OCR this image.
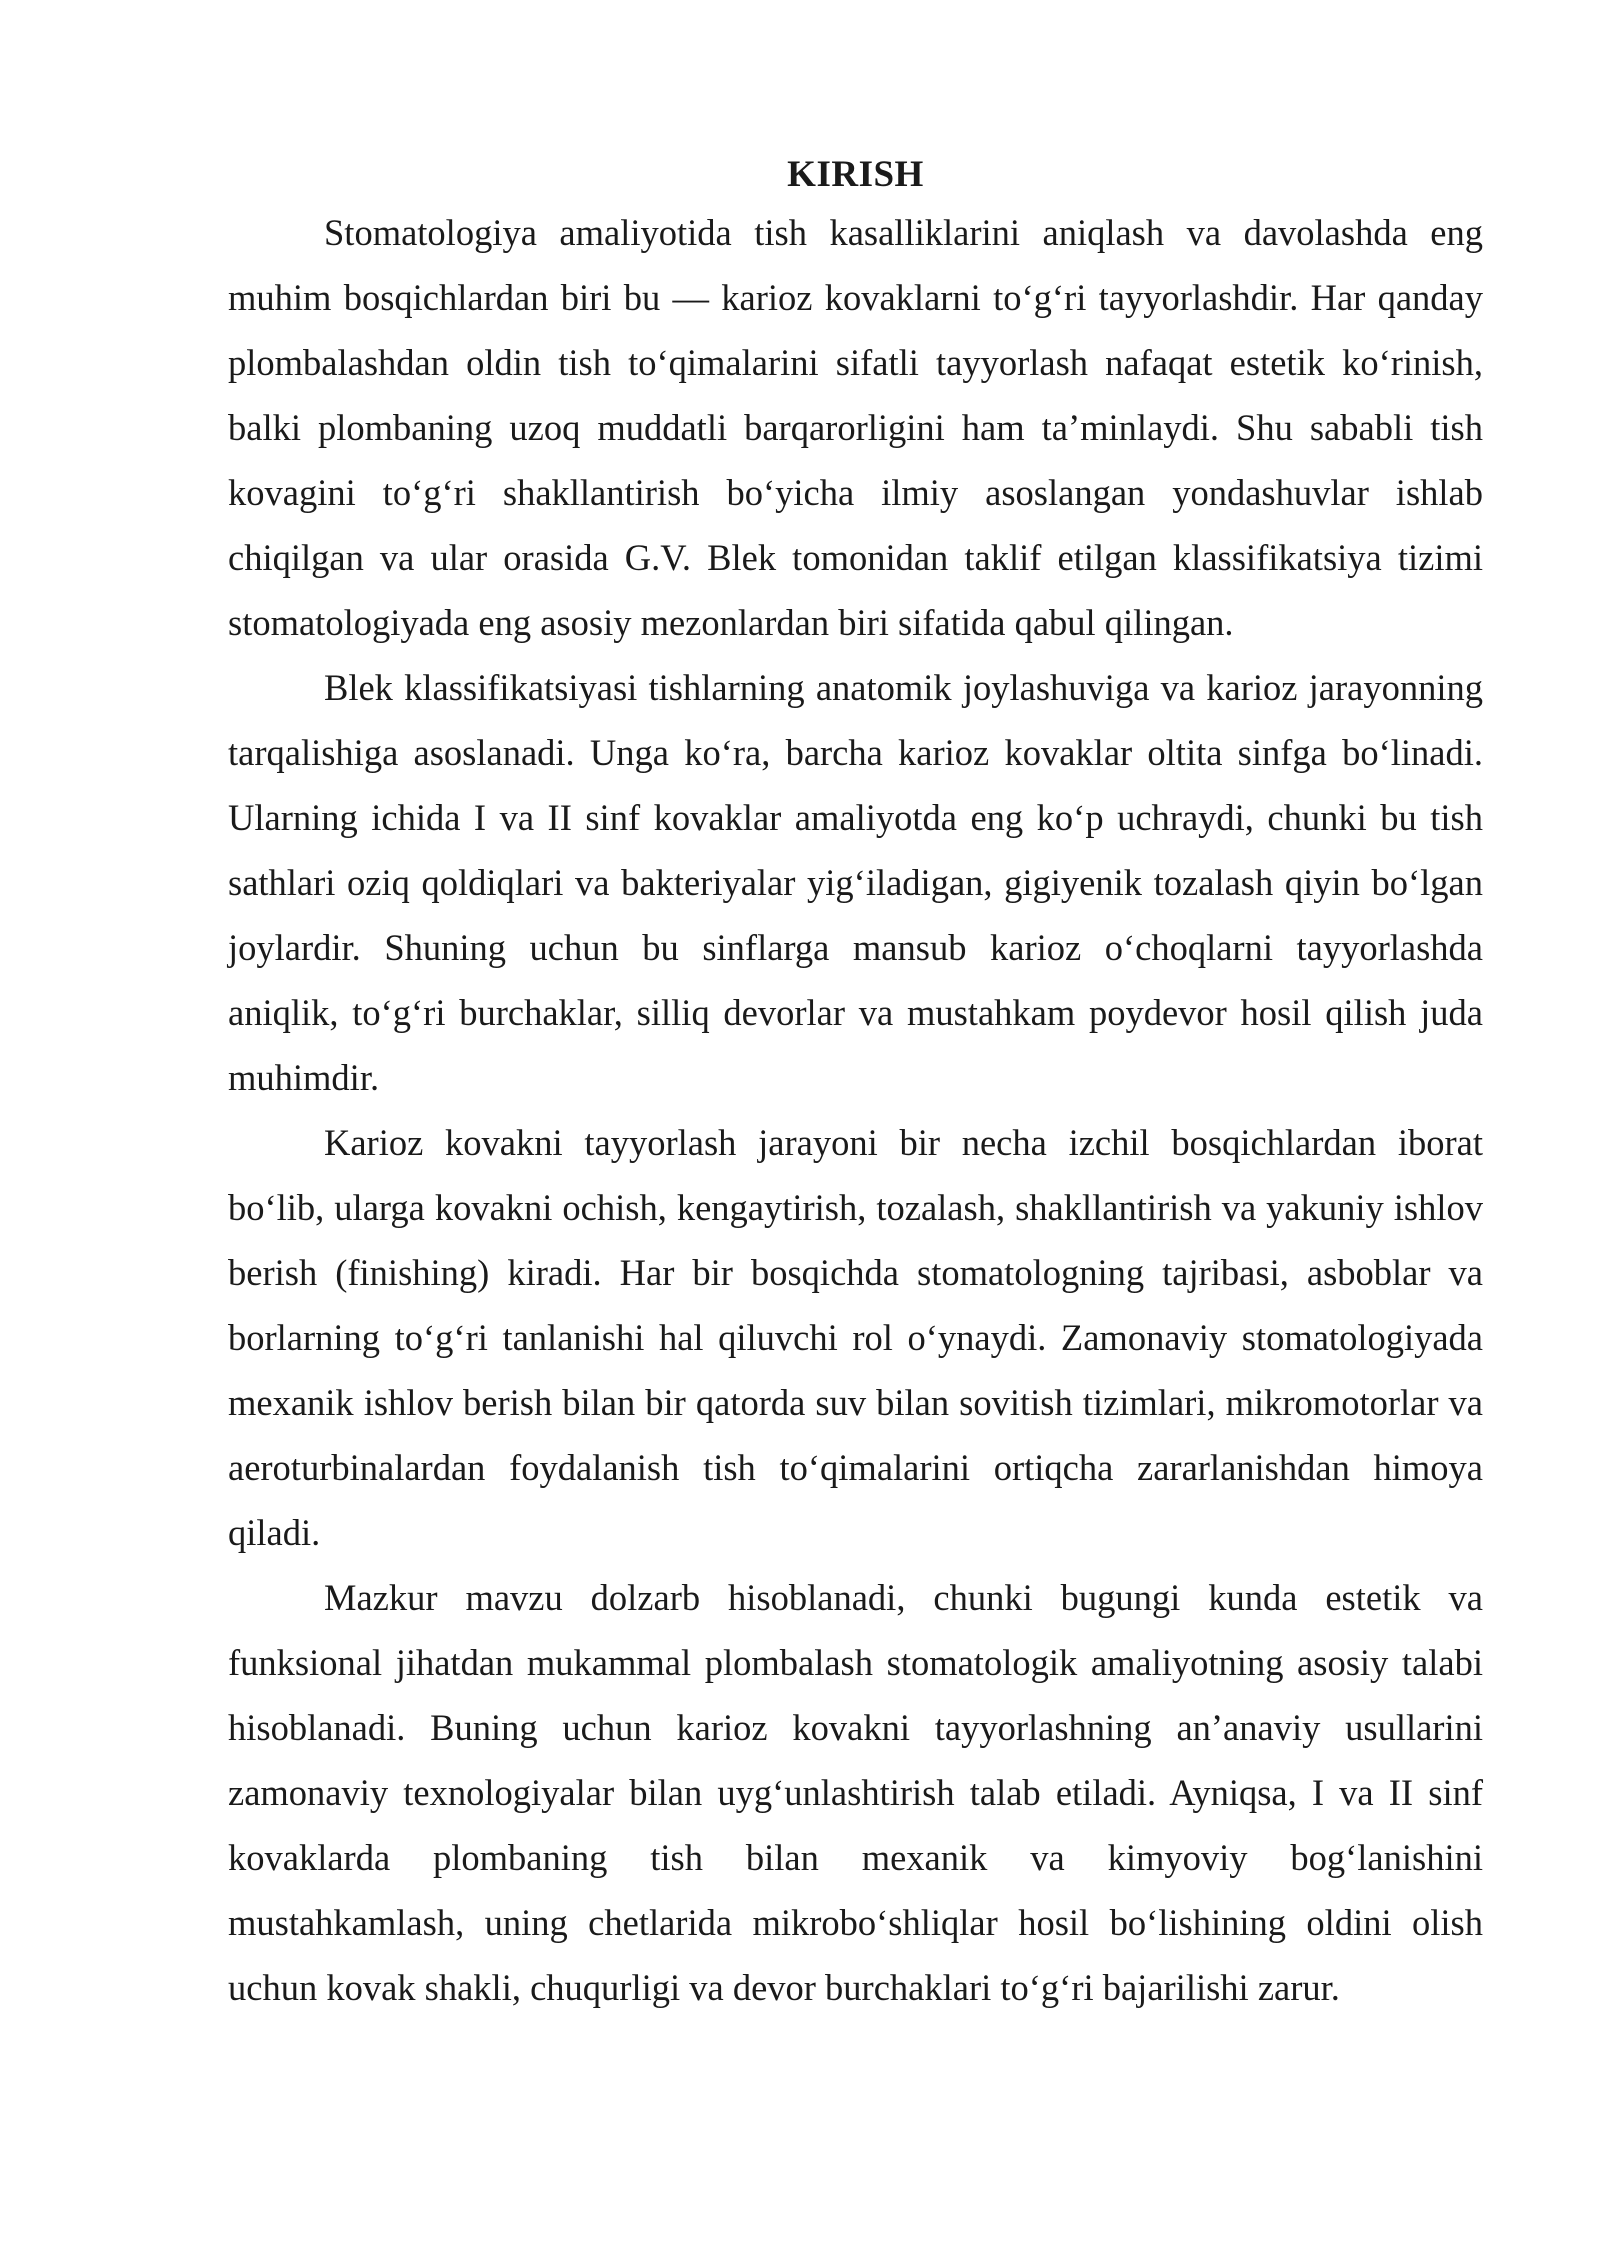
KIRISH

Stomatologiya amaliyotida tish kasalliklarini aniqlash va davolashda eng muhim bosqichlardan biri bu — karioz kovaklarni to‘g‘ri tayyorlashdir. Har qanday plombalashdan oldin tish to‘qimalarini sifatli tayyorlash nafaqat estetik ko‘rinish, balki plombaning uzoq muddatli barqarorligini ham ta’minlaydi. Shu sababli tish kovagini to‘g‘ri shakllantirish bo‘yicha ilmiy asoslangan yondashuvlar ishlab chiqilgan va ular orasida G.V. Blek tomonidan taklif etilgan klassifikatsiya tizimi stomatologiyada eng asosiy mezonlardan biri sifatida qabul qilingan.

Blek klassifikatsiyasi tishlarning anatomik joylashuviga va karioz jarayonning tarqalishiga asoslanadi. Unga ko‘ra, barcha karioz kovaklar oltita sinfga bo‘linadi. Ularning ichida I va II sinf kovaklar amaliyotda eng ko‘p uchraydi, chunki bu tish sathlari oziq qoldiqlari va bakteriyalar yig‘iladigan, gigiyenik tozalash qiyin bo‘lgan joylardir. Shuning uchun bu sinflarga mansub karioz o‘choqlarni tayyorlashda aniqlik, to‘g‘ri burchaklar, silliq devorlar va mustahkam poydevor hosil qilish juda muhimdir.

Karioz kovakni tayyorlash jarayoni bir necha izchil bosqichlardan iborat bo‘lib, ularga kovakni ochish, kengaytirish, tozalash, shakllantirish va yakuniy ishlov berish (finishing) kiradi. Har bir bosqichda stomatologning tajribasi, asboblar va borlarning to‘g‘ri tanlanishi hal qiluvchi rol o‘ynaydi. Zamonaviy stomatologiyada mexanik ishlov berish bilan bir qatorda suv bilan sovitish tizimlari, mikromotorlar va aeroturbinalardan foydalanish tish to‘qimalarini ortiqcha zararlanishdan himoya qiladi.

Mazkur mavzu dolzarb hisoblanadi, chunki bugungi kunda estetik va funksional jihatdan mukammal plombalash stomatologik amaliyotning asosiy talabi hisoblanadi. Buning uchun karioz kovakni tayyorlashning an’anaviy usullarini zamonaviy texnologiyalar bilan uyg‘unlashtirish talab etiladi. Ayniqsa, I va II sinf kovaklarda plombaning tish bilan mexanik va kimyoviy bog‘lanishini mustahkamlash, uning chetlarida mikrobo‘shliqlar hosil bo‘lishining oldini olish uchun kovak shakli, chuqurligi va devor burchaklari to‘g‘ri bajarilishi zarur.
